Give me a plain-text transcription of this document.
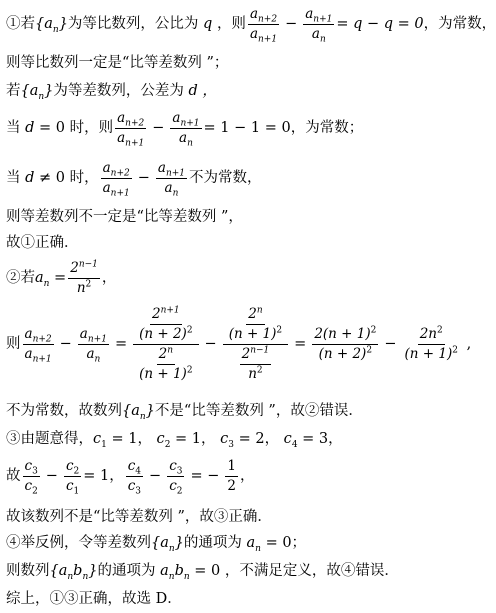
①若 $\{a_n\}$ 为等比数列，公比为 q ，则 $\frac{a_{n+2}}{a_{n+1}} - \frac{a_{n+1}}{a_n} = q - q = 0$ ，为常数，
则等比数列一定是“比等差数列 ”；
若 $\{a_n\}$ 为等差数列，公差为 d ，
当 d = 0 时，则 $\frac{a_{n+2}}{a_{n+1}} - \frac{a_{n+1}}{a_n} = 1 - 1 = 0$ ，为常数；
当 d ≠ 0 时， $\frac{a_{n+2}}{a_{n+1}} - \frac{a_{n+1}}{a_n}$ 不为常数，
则等差数列不一定是“比等差数列 ”，
故①正确．
②若 $a_n = \frac{2^{n-1}}{n^2}$ ，
则 $\frac{a_{n+2}}{a_{n+1}} - \frac{a_{n+1}}{a_n} = \frac{\frac{2^{n+1}}{(n + 2)^2}}{\frac{2^n}{(n + 1)^2}} - \frac{\frac{2^n}{(n + 1)^2}}{\frac{2^{n-1}}{n^2}} = \frac{2(n + 1)^2}{(n + 2)^2} - \frac{2n^2}{(n + 1)^2}$ ,
不为常数，故数列 $\{a_n\}$ 不是“比等差数列 ”，故②错误．
③由题意得， $c_1 = 1$ ， $c_2 = 1$ ， $c_3 = 2$ ， $c_4 = 3$ ，
故 $\frac{c_3}{c_2} - \frac{c_2}{c_1} = 1$， $\frac{c_4}{c_3} - \frac{c_3}{c_2}$ = − $\frac{1}{2}$ ，
故该数列不是“比等差数列 ”，故③正确．
④举反例，令等差数列 $\{a_n\}$ 的通项为 $a_n = 0$；
则数列 $\{a_nb_n\}$ 的通项为 $a_nb_n = 0$ ，不满足定义，故④错误．
综上，①③正确，故选 D．
